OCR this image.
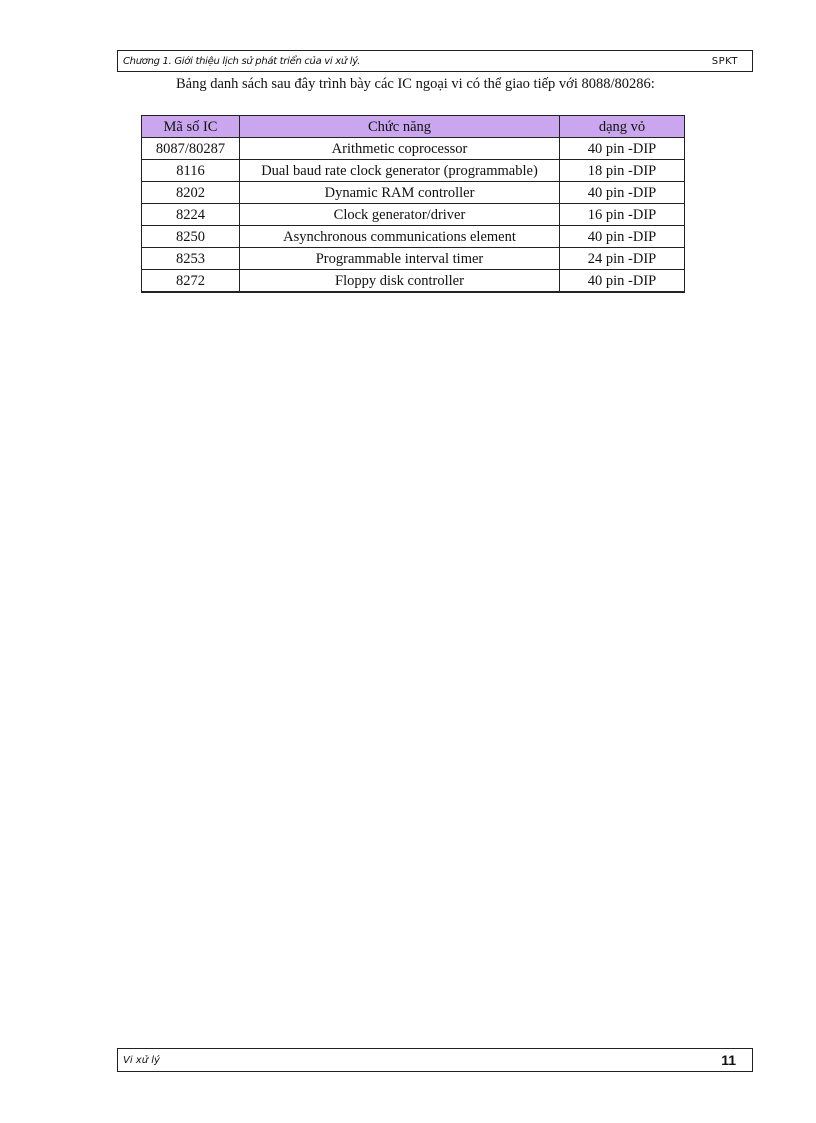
Chương 1. Giới thiệu lịch sử phát triển của vi xử lý.	SPKT
Bảng danh sách sau đây trình bày các IC ngoại vi có thể giao tiếp với 8088/80286:
Mã số IC	Chức năng	dạng vỏ
8087/80287	Arithmetic coprocessor	40 pin -DIP
8116	Dual baud rate clock generator (programmable)	18 pin -DIP
8202	Dynamic RAM controller	40 pin -DIP
8224	Clock generator/driver	16 pin -DIP
8250	Asynchronous communications element	40 pin -DIP
8253	Programmable interval timer	24 pin -DIP
8272	Floppy disk controller	40 pin -DIP
Vi xử lý	11
